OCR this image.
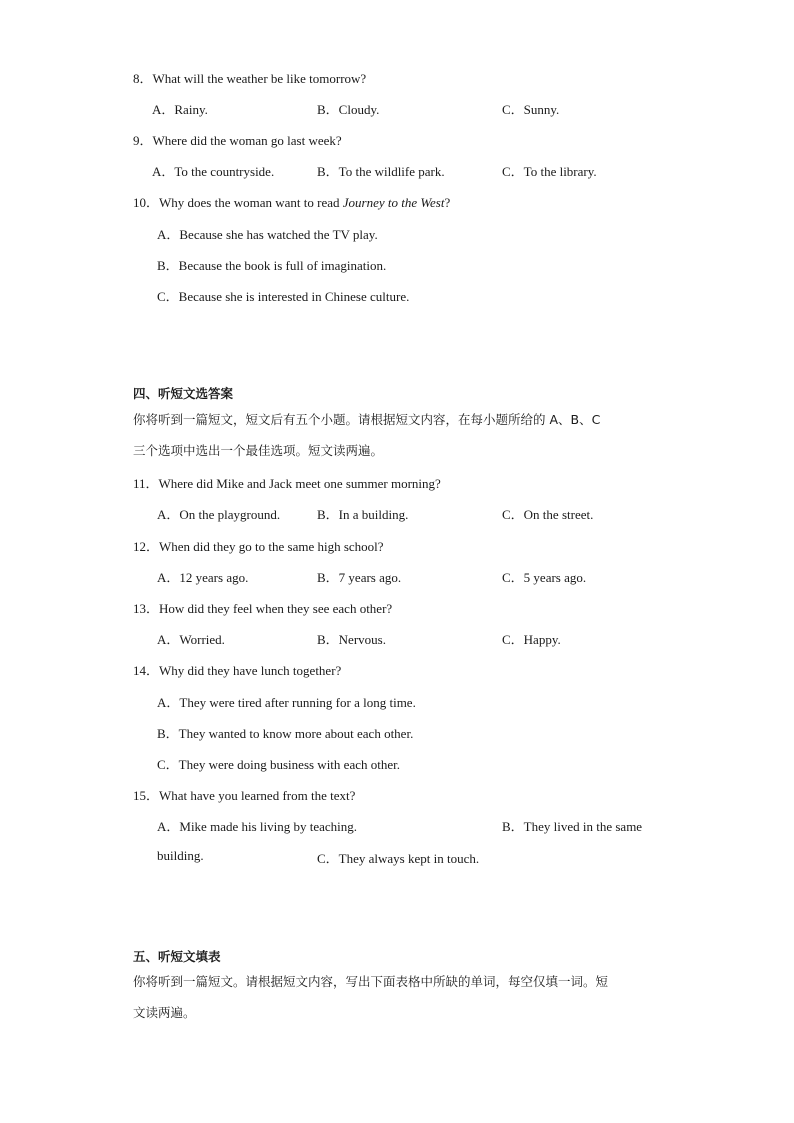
8．What will the weather be like tomorrow?
A．Rainy.	B．Cloudy.	C．Sunny.
9．Where did the woman go last week?
A．To the countryside.	B．To the wildlife park.	C．To the library.
10．Why does the woman want to read Journey to the West?
A．Because she has watched the TV play.
B．Because the book is full of imagination.
C．Because she is interested in Chinese culture.
四、听短文选答案
你将听到一篇短文，短文后有五个小题。请根据短文内容，在每小题所给的 A、B、C
三个选项中选出一个最佳选项。短文读两遍。
11．Where did Mike and Jack meet one summer morning?
A．On the playground.	B．In a building.	C．On the street.
12．When did they go to the same high school?
A．12 years ago.	B．7 years ago.	C．5 years ago.
13．How did they feel when they see each other?
A．Worried.	B．Nervous.	C．Happy.
14．Why did they have lunch together?
A．They were tired after running for a long time.
B．They wanted to know more about each other.
C．They were doing business with each other.
15．What have you learned from the text?
A．Mike made his living by teaching.	B．They lived in the same
building.	C．They always kept in touch.
五、听短文填表
你将听到一篇短文。请根据短文内容，写出下面表格中所缺的单词，每空仅填一词。短
文读两遍。
